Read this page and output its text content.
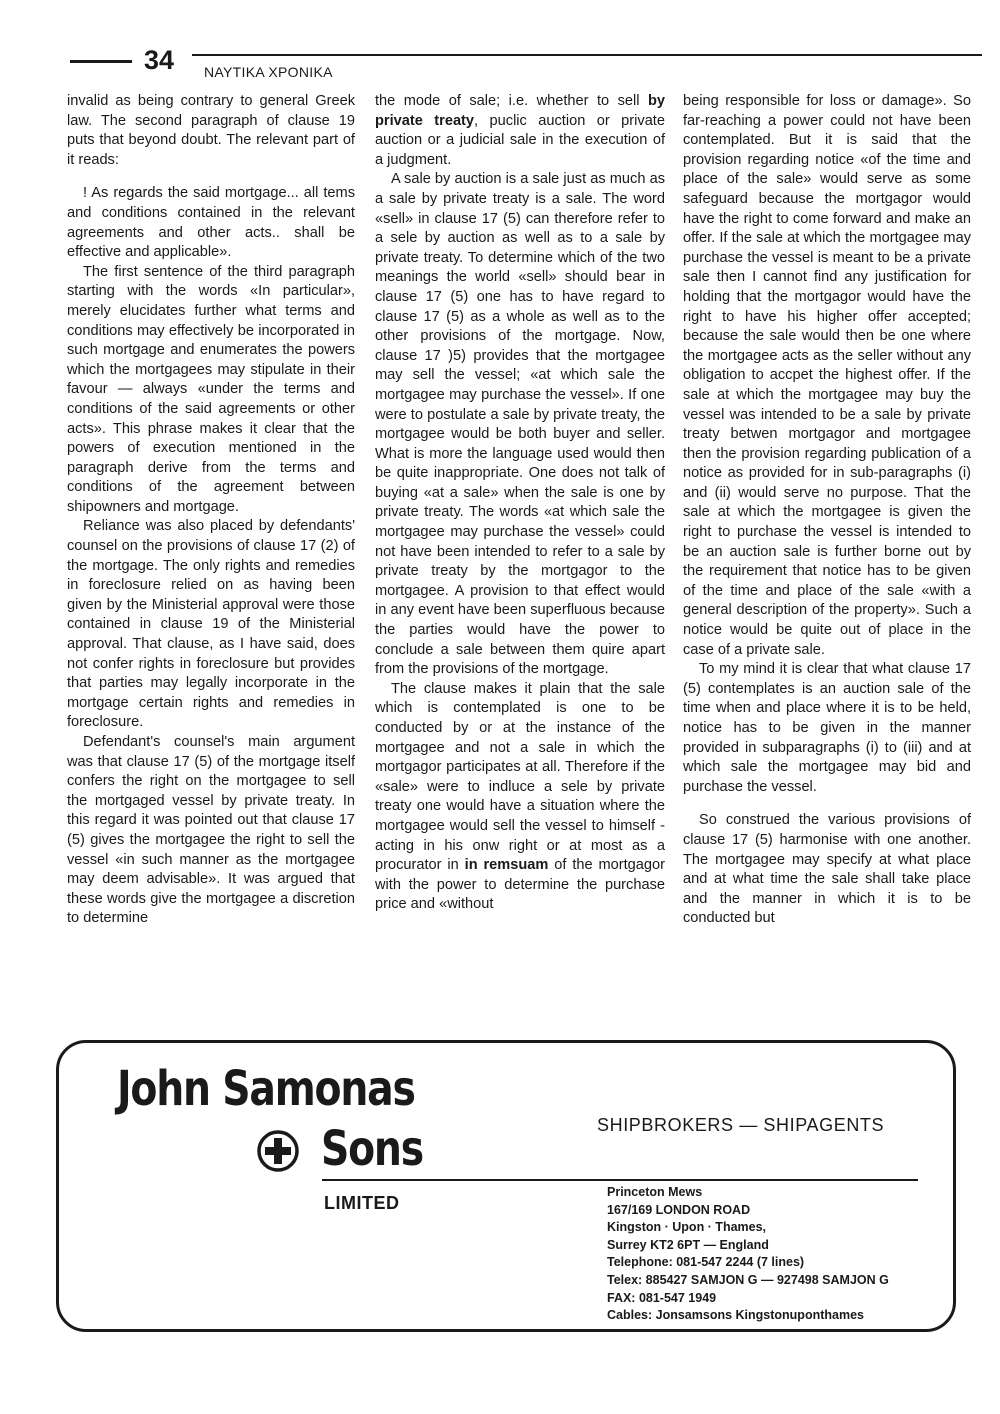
34 ΝΑΥΤΙΚΑ ΧΡΟΝΙΚΑ

invalid as being contrary to general Greek law. The second paragraph of clause 19 puts that beyond doubt. The relevant part of it reads:

! As regards the said mortgage... all tems and conditions contained in the relevant agreements and other acts.. shall be effective and applicable».

The first sentence of the third paragraph starting with the words «In particular», merely elucidates further what terms and conditions may effectively be incorporated in such mortgage and enumerates the powers which the mortgagees may stipulate in their favour — always «under the terms and conditions of the said agreements or other acts». This phrase makes it clear that the powers of execution mentioned in the paragraph derive from the terms and conditions of the agreement between shipowners and mortgage.

Reliance was also placed by defendants' counsel on the provisions of clause 17 (2) of the mortgage. The only rights and remedies in foreclosure relied on as having been given by the Ministerial approval were those contained in clause 19 of the Ministerial approval. That clause, as I have said, does not confer rights in foreclosure but provides that parties may legally incorporate in the mortgage certain rights and remedies in foreclosure.

Defendant's counsel's main argument was that clause 17 (5) of the mortgage itself confers the right on the mortgagee to sell the mortgaged vessel by private treaty. In this regard it was pointed out that clause 17 (5) gives the mortgagee the right to sell the vessel «in such manner as the mortgagee may deem advisable». It was argued that these words give the mortgagee a discretion to determine

the mode of sale; i.e. whether to sell by private treaty, puclic auction or private auction or a judicial sale in the execution of a judgment.

A sale by auction is a sale just as much as a sale by private treaty is a sale. The word «sell» in clause 17 (5) can therefore refer to a sele by auction as well as to a sale by private treaty. To determine which of the two meanings the world «sell» should bear in clause 17 (5) one has to have regard to clause 17 (5) as a whole as well as to the other provisions of the mortgage. Now, clause 17 )5) provides that the mortgagee may sell the vessel; «at which sale the mortgagee may purchase the vessel». If one were to postulate a sale by private treaty, the mortgagee would be both buyer and seller. What is more the language used would then be quite inappropriate. One does not talk of buying «at a sale» when the sale is one by private treaty. The words «at which sale the mortgagee may purchase the vessel» could not have been intended to refer to a sale by private treaty by the mortgagor to the mortgagee. A provision to that effect would in any event have been superfluous because the parties would have the power to conclude a sale between them quire apart from the provisions of the mortgage.

The clause makes it plain that the sale which is contemplated is one to be conducted by or at the instance of the mortgagee and not a sale in which the mortgagor participates at all. Therefore if the «sale» were to indluce a sele by private treaty one would have a situation where the mortgagee would sell the vessel to himself - acting in his onw right or at most as a procurator in in remsuam of the mortgagor with the power to determine the purchase price and «without

being responsible for loss or damage». So far-reaching a power could not have been contemplated. But it is said that the provision regarding notice «of the time and place of the sale» would serve as some safeguard because the mortgagor would have the right to come forward and make an offer. If the sale at which the mortgagee may purchase the vessel is meant to be a private sale then I cannot find any justification for holding that the mortgagor would have the right to have his higher offer accepted; because the sale would then be one where the mortgagee acts as the seller without any obligation to accpet the highest offer. If the sale at which the mortgagee may buy the vessel was intended to be a sale by private treaty betwen mortgagor and mortgagee then the provision regarding publication of a notice as provided for in sub-paragraphs (i) and (ii) would serve no purpose. That the sale at which the mortgagee is given the right to purchase the vessel is intended to be an auction sale is further borne out by the requirement that notice has to be given of the time and place of the sale «with a general description of the property». Such a notice would be quite out of place in the case of a private sale.

To my mind it is clear that what clause 17 (5) contemplates is an auction sale of the time when and place where it is to be held, notice has to be given in the manner provided in subparagraphs (i) to (iii) and at which sale the mortgagee may bid and purchase the vessel.

So construed the various provisions of clause 17 (5) harmonise with one another. The mortgagee may specify at what place and at what time the sale shall take place and the manner in which it is to be conducted but

John Samonas
Sons	SHIPBROKERS — SHIPAGENTS
LIMITED
Princeton Mews
167/169 LONDON ROAD
Kingston · Upon · Thames,
Surrey KT2 6PT — England
Telephone: 081-547 2244 (7 lines)
Telex: 885427 SAMJON G — 927498 SAMJON G
FAX: 081-547 1949
Cables: Jonsamsons Kingstonuponthames
